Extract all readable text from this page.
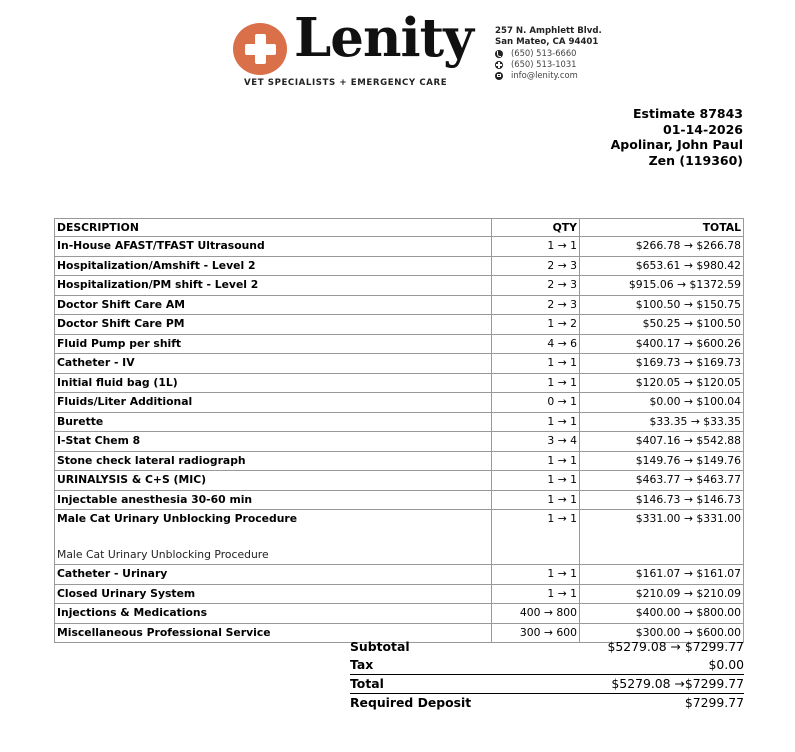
Lenity
VET SPECIALISTS + EMERGENCY CARE
257 N. Amphlett Blvd.
San Mateo, CA 94401
(650) 513-6660
(650) 513-1031
info@lenity.com
Estimate 87843
01-14-2026
Apolinar, John Paul
Zen (119360)
DESCRIPTION	QTY	TOTAL
In-House AFAST/TFAST Ultrasound	1 → 1	$266.78 → $266.78
Hospitalization/Amshift - Level 2	2 → 3	$653.61 → $980.42
Hospitalization/PM shift - Level 2	2 → 3	$915.06 → $1372.59
Doctor Shift Care AM	2 → 3	$100.50 → $150.75
Doctor Shift Care PM	1 → 2	$50.25 → $100.50
Fluid Pump per shift	4 → 6	$400.17 → $600.26
Catheter - IV	1 → 1	$169.73 → $169.73
Initial fluid bag (1L)	1 → 1	$120.05 → $120.05
Fluids/Liter Additional	0 → 1	$0.00 → $100.04
Burette	1 → 1	$33.35 → $33.35
I-Stat Chem 8	3 → 4	$407.16 → $542.88
Stone check lateral radiograph	1 → 1	$149.76 → $149.76
URINALYSIS & C+S (MIC)	1 → 1	$463.77 → $463.77
Injectable anesthesia 30-60 min	1 → 1	$146.73 → $146.73
Male Cat Urinary Unblocking Procedure
Male Cat Urinary Unblocking Procedure	1 → 1	$331.00 → $331.00
Catheter - Urinary	1 → 1	$161.07 → $161.07
Closed Urinary System	1 → 1	$210.09 → $210.09
Injections & Medications	400 → 800	$400.00 → $800.00
Miscellaneous Professional Service	300 → 600	$300.00 → $600.00
Subtotal	$5279.08 → $7299.77
Tax	$0.00
Total	$5279.08 →$7299.77
Required Deposit	$7299.77
